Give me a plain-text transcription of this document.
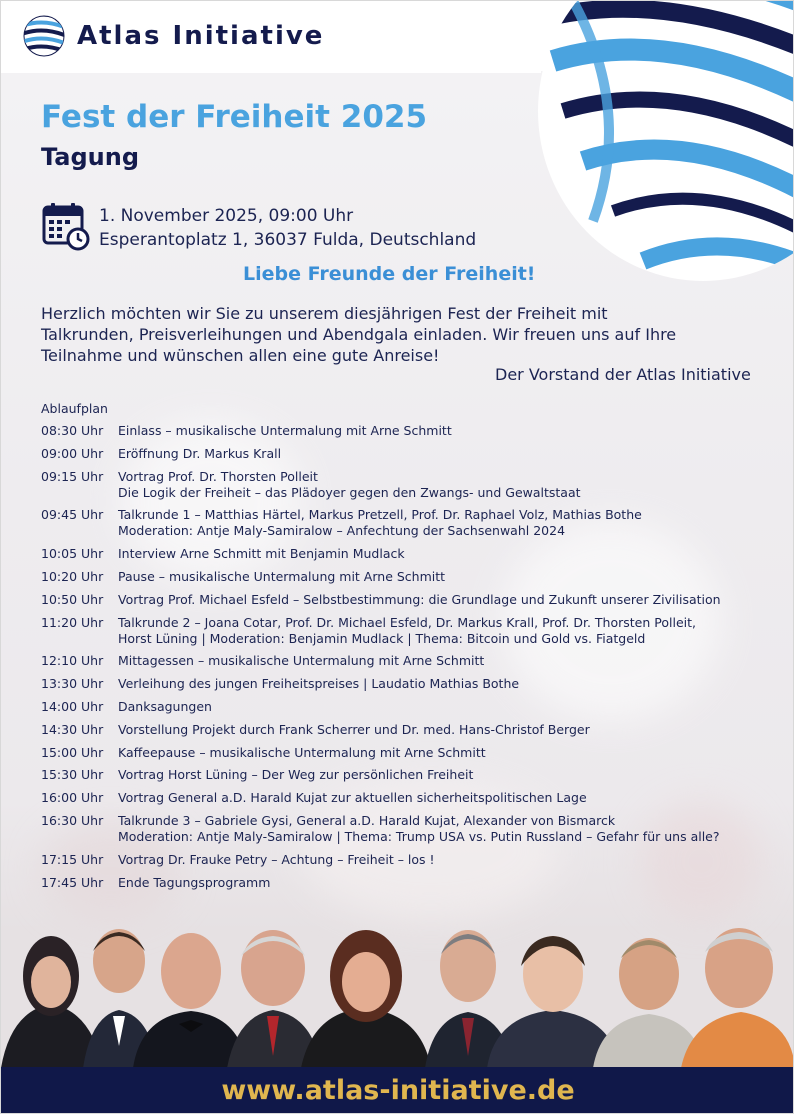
Atlas Initiative
Fest der Freiheit 2025
Tagung
1. November 2025, 09:00 Uhr
Esperantoplatz 1, 36037 Fulda, Deutschland
Liebe Freunde der Freiheit!
Herzlich möchten wir Sie zu unserem diesjährigen Fest der Freiheit mit
Talkrunden, Preisverleihungen und Abendgala einladen. Wir freuen uns auf Ihre
Teilnahme und wünschen allen eine gute Anreise!
Der Vorstand der Atlas Initiative
Ablaufplan
08:30 Uhr	Einlass – musikalische Untermalung mit Arne Schmitt
09:00 Uhr	Eröffnung Dr. Markus Krall
09:15 Uhr	Vortrag Prof. Dr. Thorsten Polleit
Die Logik der Freiheit – das Plädoyer gegen den Zwangs- und Gewaltstaat
09:45 Uhr	Talkrunde 1 – Matthias Härtel, Markus Pretzell, Prof. Dr. Raphael Volz, Mathias Bothe
Moderation: Antje Maly-Samiralow – Anfechtung der Sachsenwahl 2024
10:05 Uhr	Interview Arne Schmitt mit Benjamin Mudlack
10:20 Uhr	Pause – musikalische Untermalung mit Arne Schmitt
10:50 Uhr	Vortrag Prof. Michael Esfeld – Selbstbestimmung: die Grundlage und Zukunft unserer Zivilisation
11:20 Uhr	Talkrunde 2 – Joana Cotar, Prof. Dr. Michael Esfeld, Dr. Markus Krall, Prof. Dr. Thorsten Polleit,
Horst Lüning | Moderation: Benjamin Mudlack | Thema: Bitcoin und Gold vs. Fiatgeld
12:10 Uhr	Mittagessen – musikalische Untermalung mit Arne Schmitt
13:30 Uhr	Verleihung des jungen Freiheitspreises | Laudatio Mathias Bothe
14:00 Uhr	Danksagungen
14:30 Uhr	Vorstellung Projekt durch Frank Scherrer und Dr. med. Hans-Christof Berger
15:00 Uhr	Kaffeepause – musikalische Untermalung mit Arne Schmitt
15:30 Uhr	Vortrag Horst Lüning – Der Weg zur persönlichen Freiheit
16:00 Uhr	Vortrag General a.D. Harald Kujat zur aktuellen sicherheitspolitischen Lage
16:30 Uhr	Talkrunde 3 – Gabriele Gysi, General a.D. Harald Kujat, Alexander von Bismarck
Moderation: Antje Maly-Samiralow | Thema: Trump USA vs. Putin Russland – Gefahr für uns alle?
17:15 Uhr	Vortrag Dr. Frauke Petry – Achtung – Freiheit – los !
17:45 Uhr	Ende Tagungsprogramm
www.atlas-initiative.de
